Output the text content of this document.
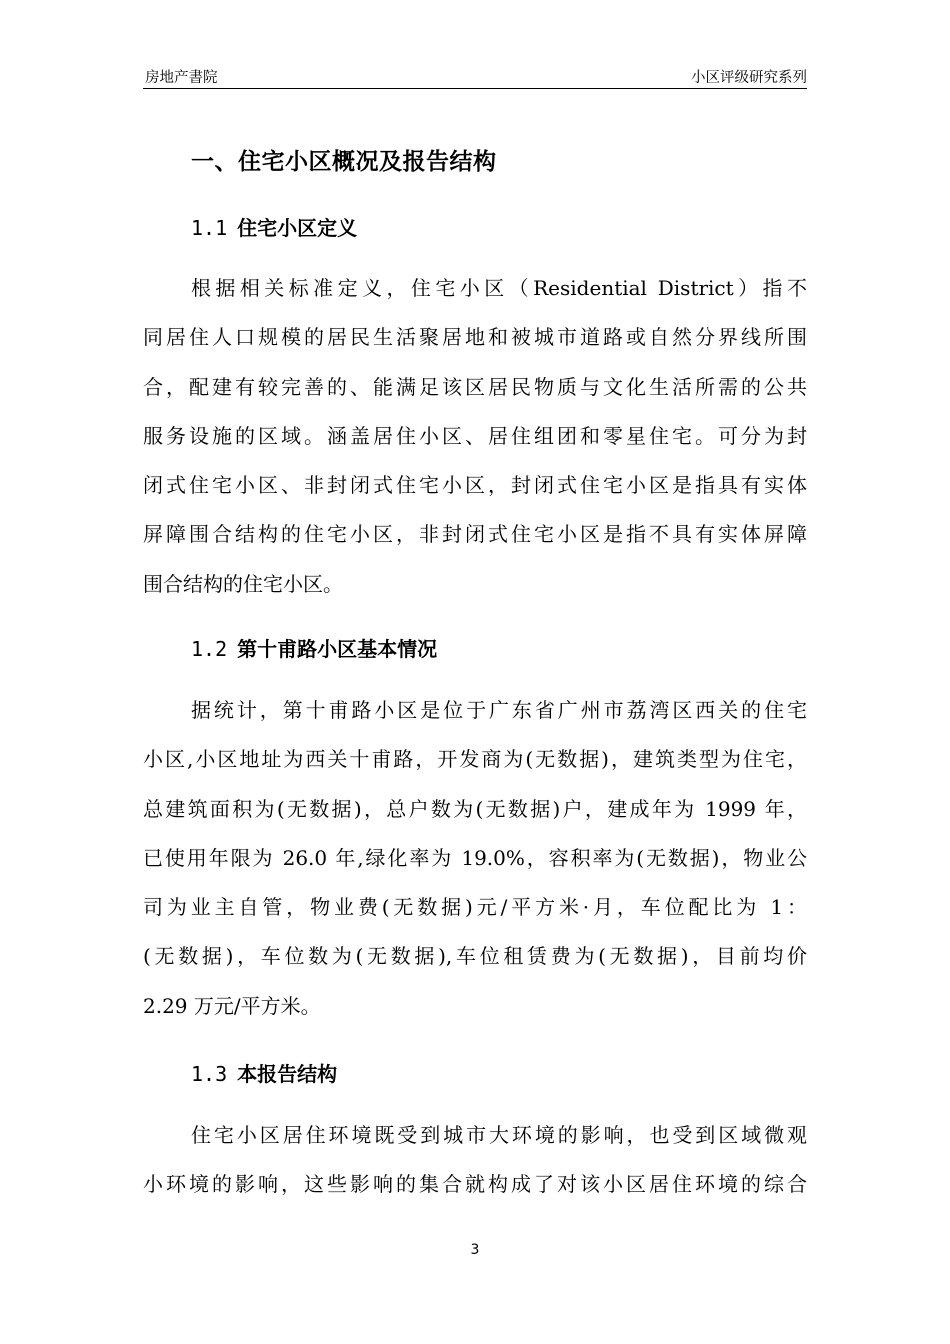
房地产書院	小区评级研究系列
一、住宅小区概况及报告结构
1.1 住宅小区定义
根据相关标准定义，住宅小区（Residential District）指不
同居住人口规模的居民生活聚居地和被城市道路或自然分界线所围
合，配建有较完善的、能满足该区居民物质与文化生活所需的公共
服务设施的区域。涵盖居住小区、居住组团和零星住宅。可分为封
闭式住宅小区、非封闭式住宅小区，封闭式住宅小区是指具有实体
屏障围合结构的住宅小区，非封闭式住宅小区是指不具有实体屏障
围合结构的住宅小区。
1.2 第十甫路小区基本情况
据统计，第十甫路小区是位于广东省广州市荔湾区西关的住宅
小区,小区地址为西关十甫路，开发商为(无数据)，建筑类型为住宅，
总建筑面积为(无数据)，总户数为(无数据)户，建成年为 1999 年，
已使用年限为 26.0 年,绿化率为 19.0%，容积率为(无数据)，物业公
司为业主自管，物业费(无数据)元/平方米·月，车位配比为 1：
(无数据)，车位数为(无数据),车位租赁费为(无数据)，目前均价
2.29 万元/平方米。
1.3 本报告结构
住宅小区居住环境既受到城市大环境的影响，也受到区域微观
小环境的影响，这些影响的集合就构成了对该小区居住环境的综合
3
